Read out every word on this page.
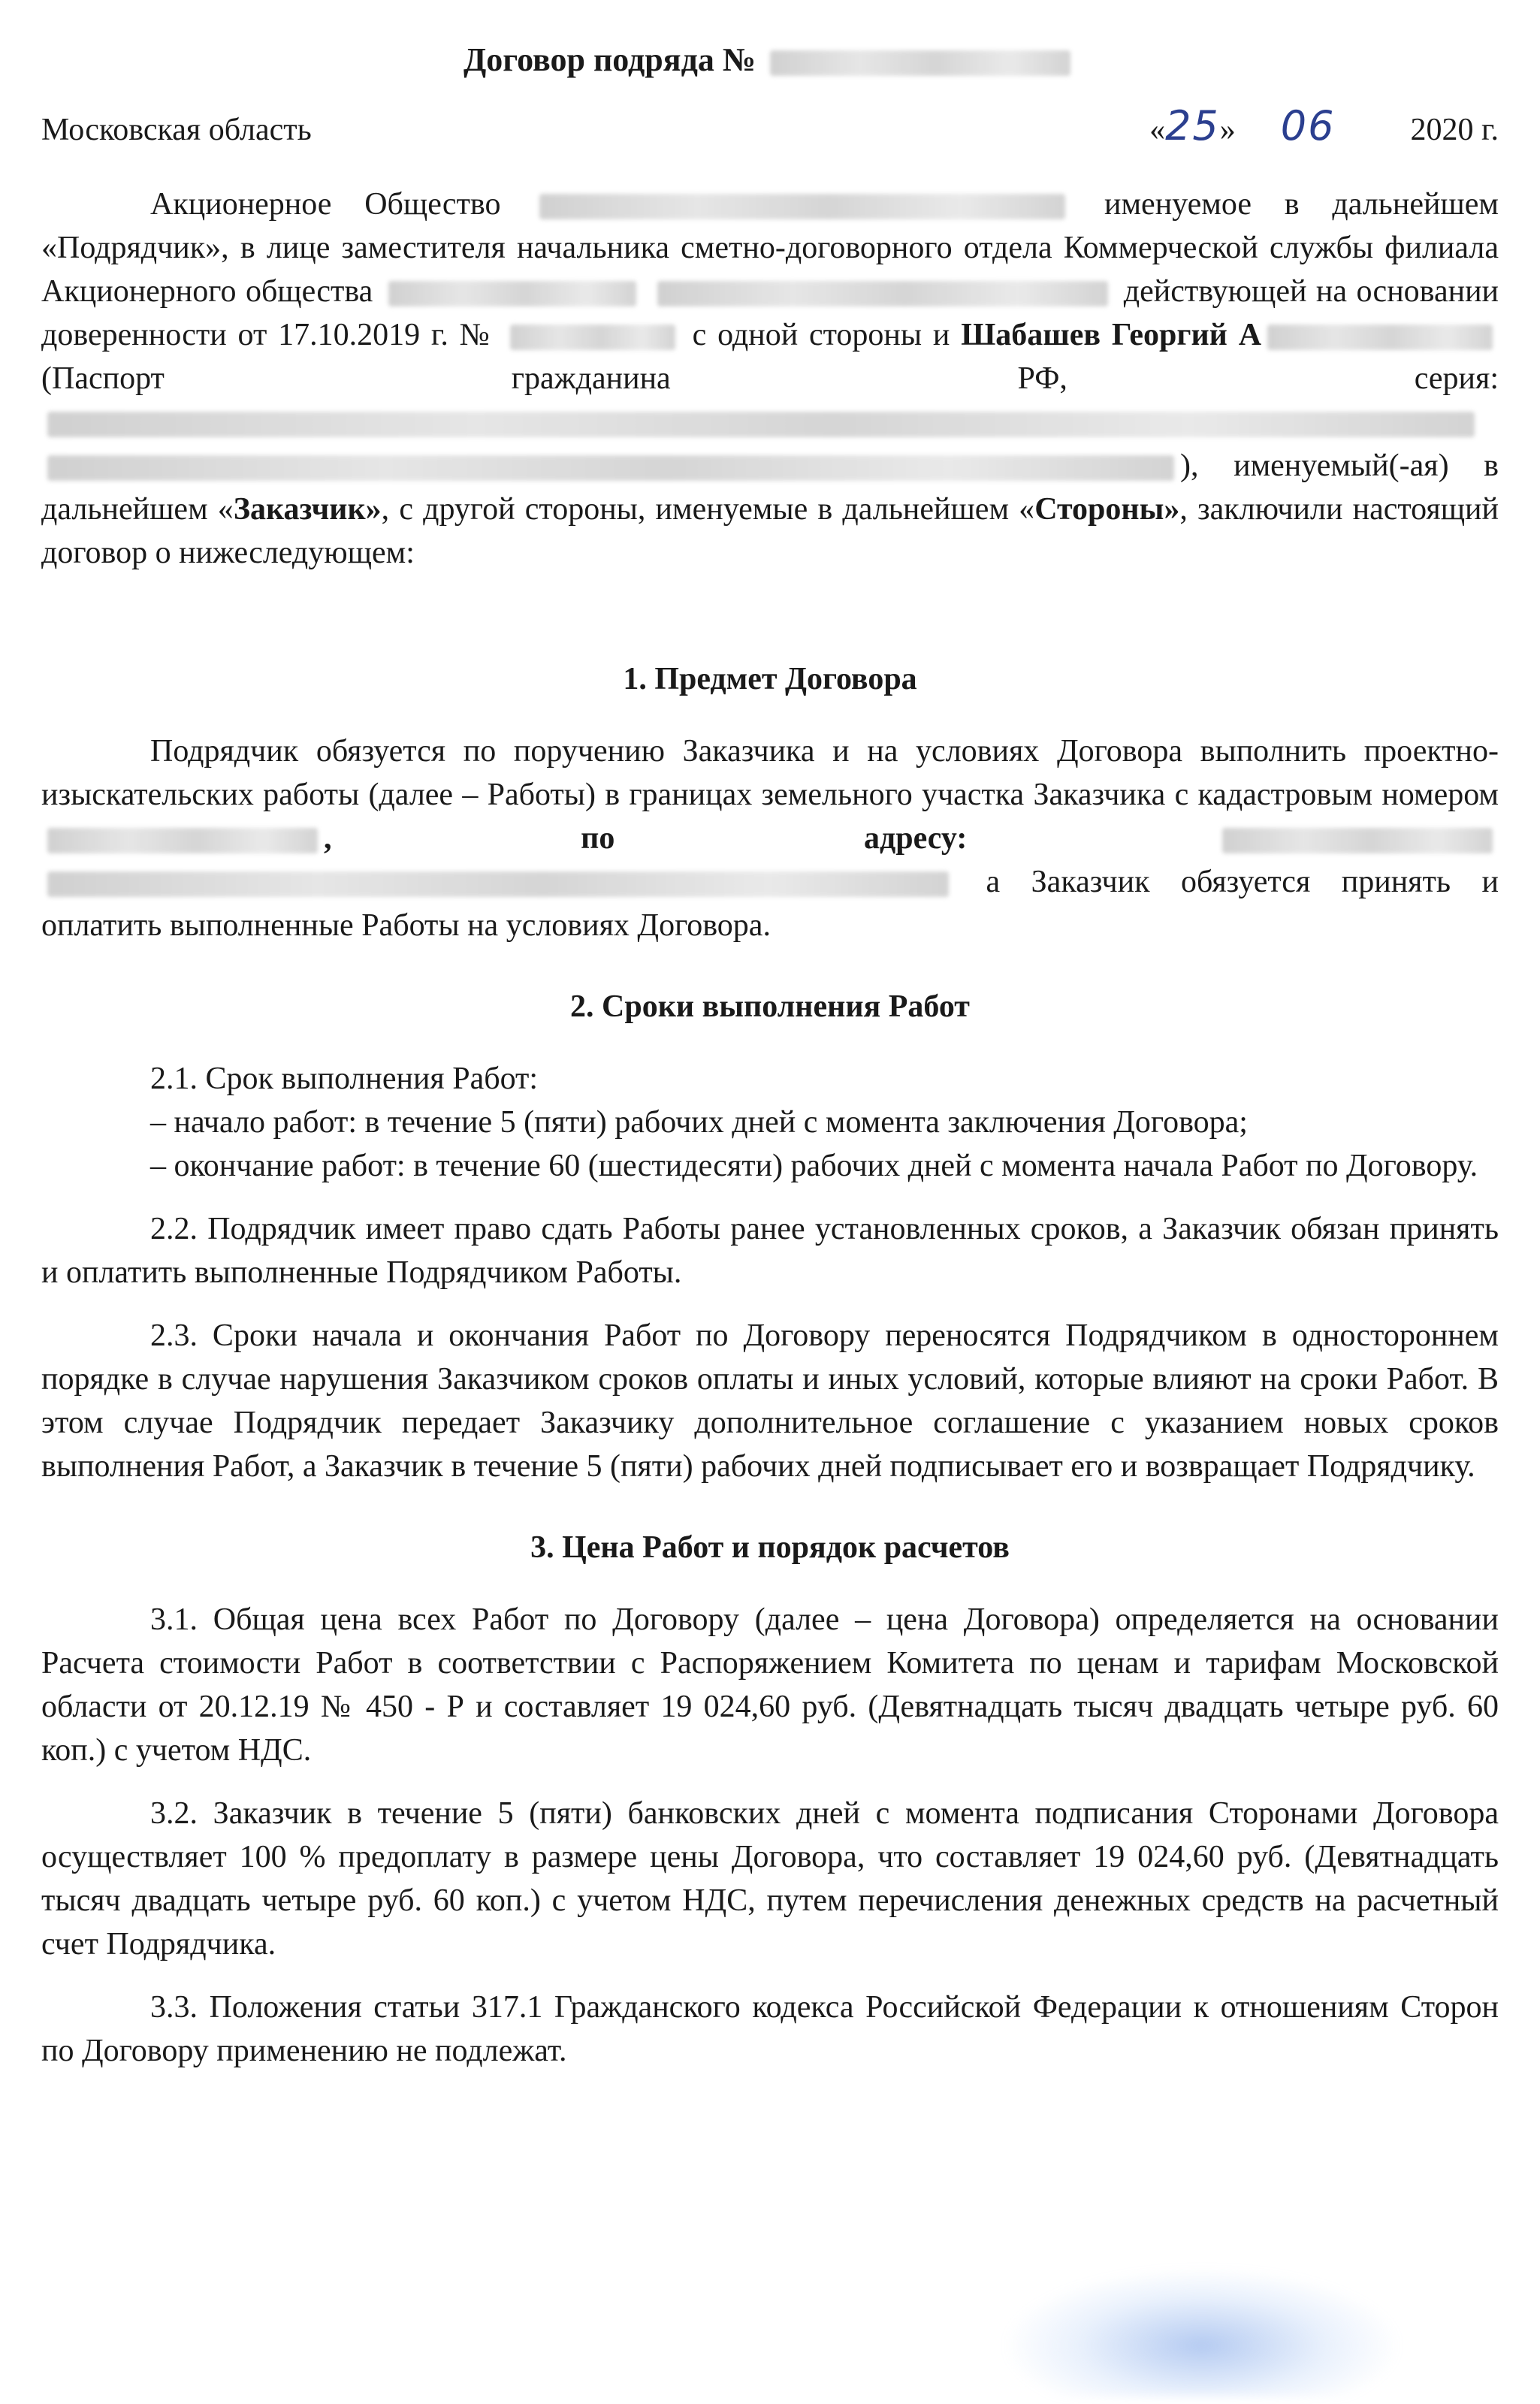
Договор подряда №
Московская область	« 25 » 06 2020 г.

Акционерное Общество	именуемое в дальнейшем «Подрядчик», в лице заместителя начальника сметно-договорного отдела Коммерческой службы филиала Акционерного общества	действующей на основании доверенности от 17.10.2019 г. №	с одной стороны и Шабашев Георгий А (Паспорт гражданина РФ, серия:  ), именуемый(-ая) в дальнейшем «Заказчик», с другой стороны, именуемые в дальнейшем «Стороны», заключили настоящий договор о нижеследующем:

1. Предмет Договора

Подрядчик обязуется по поручению Заказчика и на условиях Договора выполнить проектно-изыскательских работы (далее – Работы) в границах земельного участка Заказчика с кадастровым номером , по адресу:   а Заказчик обязуется принять и оплатить выполненные Работы на условиях Договора.

2. Сроки выполнения Работ
2.1. Срок выполнения Работ:
– начало работ: в течение 5 (пяти) рабочих дней с момента заключения Договора;

– окончание работ: в течение 60 (шестидесяти) рабочих дней с момента начала Работ по Договору.

2.2. Подрядчик имеет право сдать Работы ранее установленных сроков, а Заказчик обязан принять и оплатить выполненные Подрядчиком Работы.

2.3. Сроки начала и окончания Работ по Договору переносятся Подрядчиком в одностороннем порядке в случае нарушения Заказчиком сроков оплаты и иных условий, которые влияют на сроки Работ. В этом случае Подрядчик передает Заказчику дополнительное соглашение с указанием новых сроков выполнения Работ, а Заказчик в течение 5 (пяти) рабочих дней подписывает его и возвращает Подрядчику.

3. Цена Работ и порядок расчетов

3.1. Общая цена всех Работ по Договору (далее – цена Договора) определяется на основании Расчета стоимости Работ в соответствии с Распоряжением Комитета по ценам и тарифам Московской области от 20.12.19 № 450 - Р и составляет 19 024,60 руб. (Девятнадцать тысяч двадцать четыре руб. 60 коп.) с учетом НДС.

3.2. Заказчик в течение 5 (пяти) банковских дней с момента подписания Сторонами Договора осуществляет 100 % предоплату в размере цены Договора, что составляет 19 024,60 руб. (Девятнадцать тысяч двадцать четыре руб. 60 коп.) с учетом НДС, путем перечисления денежных средств на расчетный счет Подрядчика.

3.3. Положения статьи 317.1 Гражданского кодекса Российской Федерации к отношениям Сторон по Договору применению не подлежат.
